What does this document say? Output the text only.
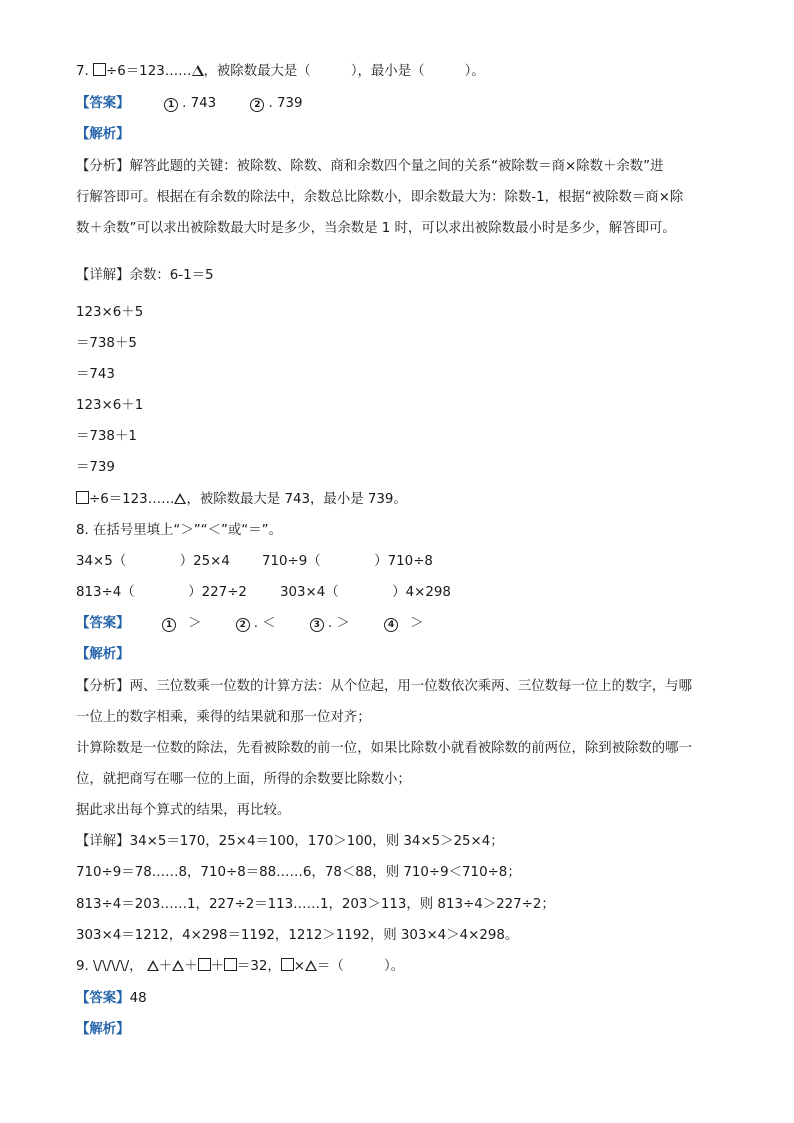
7. ÷6＝123…… ，被除数最大是（　　　），最小是（　　　）。
【答案】	1 . 743	2 . 739
【解析】
【分析】解答此题的关键：被除数、除数、商和余数四个量之间的关系“被除数＝商×除数＋余数”进
行解答即可。根据在有余数的除法中，余数总比除数小，即余数最大为：除数-1，根据“被除数＝商×除
数＋余数”可以求出被除数最大时是多少，当余数是 1 时，可以求出被除数最小时是多少，解答即可。
【详解】余数：6-1＝5
123×6＋5
＝738＋5
＝743
123×6＋1
＝738＋1
＝739
÷6＝123…… ，被除数最大是 743，最小是 739。
8. 在括号里填上“＞”“＜”或“＝”。
34×5（　　　　）25×4 710÷9（　　　　）710÷8
813÷4（　　　　）227÷2 303×4（　　　　）4×298
【答案】	1 ＞	2 . ＜	3 . ＞	4 ＞
【解析】
【分析】两、三位数乘一位数的计算方法：从个位起，用一位数依次乘两、三位数每一位上的数字，与哪
一位上的数字相乘，乘得的结果就和那一位对齐；
计算除数是一位数的除法，先看被除数的前一位，如果比除数小就看被除数的前两位，除到被除数的哪一
位，就把商写在哪一位的上面，所得的余数要比除数小；
据此求出每个算式的结果，再比较。
【详解】34×5＝170，25×4＝100，170＞100，则 34×5＞25×4；
710÷9＝78……8，710÷8＝88……6，78＜88，则 710÷9＜710÷8；
813÷4＝203……1，227÷2＝113……1，203＞113，则 813÷4＞227÷2；
303×4＝1212，4×298＝1192，1212＞1192，则 303×4＞4×298。
9. \/\/\/\/， ＋ ＋ ＋ ＝32， × ＝（　　　）。
【答案】48
【解析】
